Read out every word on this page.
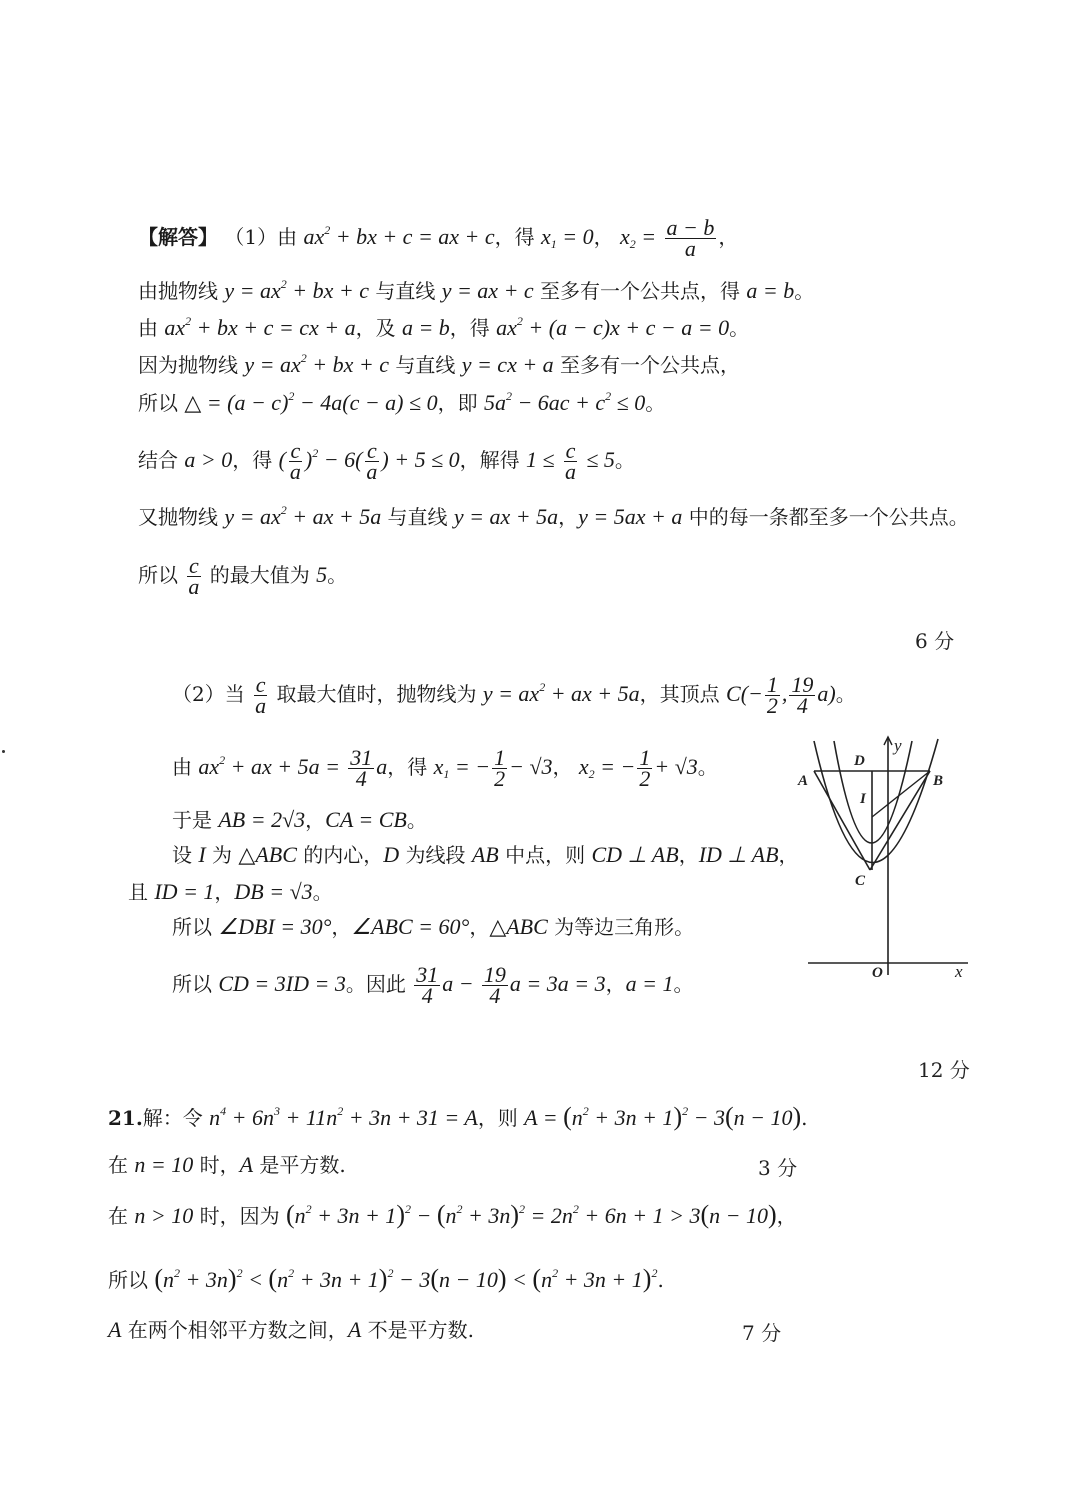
【解答】 （1）由 $ax^2$ + bx + c = ax + c，得 $x_1 = 0$， $x_2 = \frac{a - b}{a}$ ，
由抛物线 $y = ax^2$ + bx + c 与直线 y = ax + c 至多有一个公共点，得 a = b。
由 $ax^2$ + bx + c = cx + a，及 a = b，得 $ax^2 + (a - c)x + c - a = 0$。
因为抛物线 $y = ax^2$ + bx + c 与直线 y = cx + a 至多有一个公共点，
所以 △ = $(a - c)^2 - 4a(c - a) \le 0$，即 $5a^2 - 6ac + c^2 \le 0$。
结合 a > 0，得 ( $\frac{c}{a} )^2 - 6( \frac{c}{a}$ ) + 5 ≤ 0，解得 $1 \le \frac{c}{a} \le 5$。
又抛物线 $y = ax^2$ + ax + 5a 与直线 y = ax + 5a，y = 5ax + a 中的每一条都至多一个公共点。
所以 $\frac{c}{a}$ 的最大值为 5。
6 分
（2）当 $\frac{c}{a}$ 取最大值时，抛物线为 $y = ax^2$ + ax + 5a，其顶点 $C(- \frac{1}{2}$ , $\frac{19}{4} a$)。
由 $ax^2$ + ax + $5a = \frac{31}{4}$ a，得 $x_1$ = − $\frac{1}{2} - √3$， $x_2$ = − $\frac{1}{2} + √3$。
于是 AB = 2√3，CA = CB。
设 I 为 △ABC 的内心，D 为线段 AB 中点，则 CD ⊥ AB，ID ⊥ AB，
且 ID = 1，DB = √3。
所以 ∠DBI = 30°，∠ABC = 60°，△ABC 为等边三角形。
所以 CD = 3ID = 3。因此 $\frac{31}{4}$ $a - \frac{19}{4}$ a = 3a = 3，a = 1。
12 分
A	B
C
D
I
O	x
y
21.解：令 $n^4 + 6n^3 + 11n^2 + 3n + 31 = A$，则 $A = (n^2 + 3n + 1)^2 - 3(n - 10)$.
在 n = 10 时，A 是平方数.	3 分
在 n > 10 时，因为 $(n^2 + 3n + 1)^2 - (n^2 + 3n)^2 = 2n^2 + 6n + 1 > 3(n - 10)$，
所以 $(n^2 + 3n)^2 < (n^2 + 3n + 1)^2 - 3(n - 10) < (n^2 + 3n + 1)^2$.
A 在两个相邻平方数之间，A 不是平方数.	7 分
